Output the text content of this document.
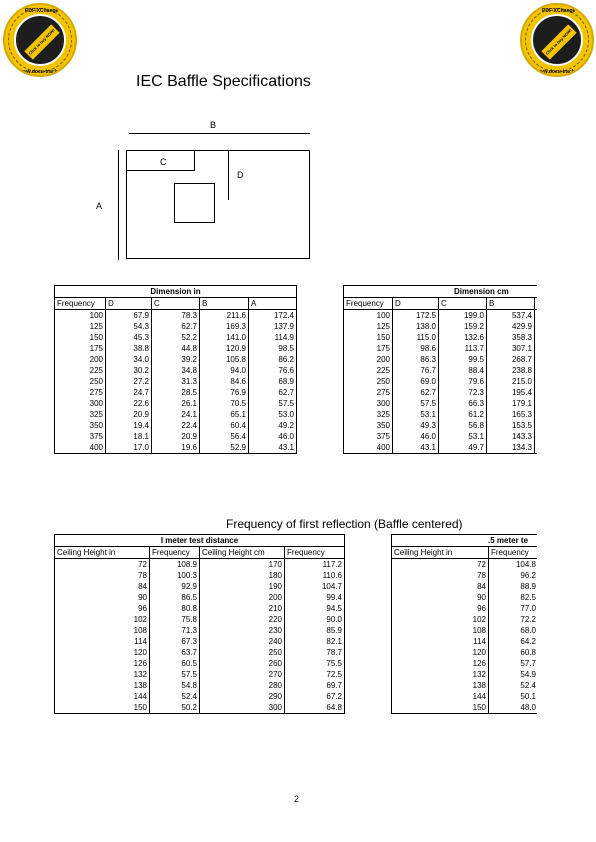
Click to buy NOW!
PDF-XChange
www.docu-track.com
Click to buy NOW!
PDF-XChange
www.docu-track.com
IEC Baffle Specifications
B
A
C
D
Dimension in				
Frequency	D	C	B	A
100	67.9	78.3	211.6	172.4
125	54.3	62.7	169.3	137.9
150	45.3	52.2	141.0	114.9
175	38.8	44.8	120.9	98.5
200	34.0	39.2	105.8	86.2
225	30.2	34.8	94.0	76.6
250	27.2	31.3	84.6	68.9
275	24.7	28.5	76.9	62.7
300	22.6	26.1	70.5	57.5
325	20.9	24.1	65.1	53.0
350	19.4	22.4	60.4	49.2
375	18.1	20.9	56.4	46.0
400	17.0	19.6	52.9	43.1
Dimension cm				
Frequency	D	C	B	
100	172.5	199.0	537.4	
125	138.0	159.2	429.9	
150	115.0	132.6	358.3	
175	98.6	113.7	307.1	
200	86.3	99.5	268.7	
225	76.7	88.4	238.8	
250	69.0	79.6	215.0	
275	62.7	72.3	195.4	
300	57.5	66.3	179.1	
325	53.1	61.2	165.3	
350	49.3	56.8	153.5	
375	46.0	53.1	143.3	
400	43.1	49.7	134.3	
Frequency of first reflection (Baffle centered)
I meter test distance			
Ceiling Height in	Frequency	Ceiling Height cm	Frequency
72	108.9	170	117.2
78	100.3	180	110.6
84	92.9	190	104.7
90	86.5	200	99.4
96	80.8	210	94.5
102	75.8	220	90.0
108	71.3	230	85.9
114	67.3	240	82.1
120	63.7	250	78.7
126	60.5	260	75.5
132	57.5	270	72.5
138	54.8	280	69.7
144	52.4	290	67.2
150	50.2	300	64.8
.5 meter te			
Ceiling Height in	Frequency		
72	104.8		
78	96.2		
84	88.9		
90	82.5		
96	77.0		
102	72.2		
108	68.0		
114	64.2		
120	60.8		
126	57.7		
132	54.9		
138	52.4		
144	50.1		
150	48.0		
2
